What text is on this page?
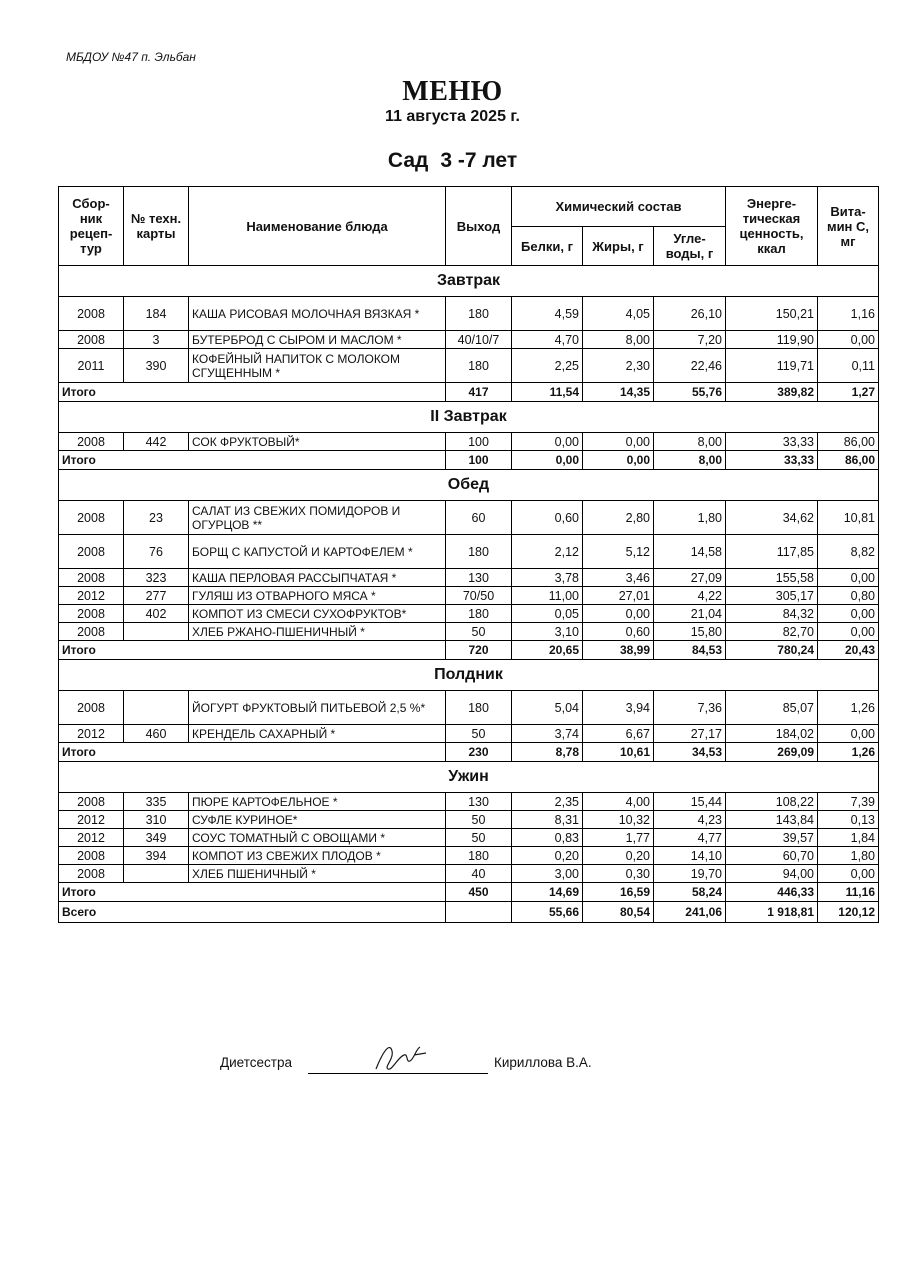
МБДОУ №47 п. Эльбан
МЕНЮ
11 августа 2025 г.
Сад 3 -7 лет
Сбор-ник рецеп-тур	№ техн. карты	Наименование блюда	Выход	Химический состав			Энерге-тическая ценность, ккал	Вита-мин С, мг
				Белки, г	Жиры, г	Угле-воды, г		
Завтрак								
2008	184	КАША РИСОВАЯ МОЛОЧНАЯ ВЯЗКАЯ *	180	4,59	4,05	26,10	150,21	1,16
2008	3	БУТЕРБРОД С СЫРОМ И МАСЛОМ *	40/10/7	4,70	8,00	7,20	119,90	0,00
2011	390	КОФЕЙНЫЙ НАПИТОК С МОЛОКОМ СГУЩЕННЫМ *	180	2,25	2,30	22,46	119,71	0,11
Итого			417	11,54	14,35	55,76	389,82	1,27
II Завтрак								
2008	442	СОК ФРУКТОВЫЙ*	100	0,00	0,00	8,00	33,33	86,00
Итого			100	0,00	0,00	8,00	33,33	86,00
Обед								
2008	23	САЛАТ ИЗ СВЕЖИХ ПОМИДОРОВ И ОГУРЦОВ **	60	0,60	2,80	1,80	34,62	10,81
2008	76	БОРЩ С КАПУСТОЙ И КАРТОФЕЛЕМ *	180	2,12	5,12	14,58	117,85	8,82
2008	323	КАША ПЕРЛОВАЯ РАССЫПЧАТАЯ *	130	3,78	3,46	27,09	155,58	0,00
2012	277	ГУЛЯШ ИЗ ОТВАРНОГО МЯСА *	70/50	11,00	27,01	4,22	305,17	0,80
2008	402	КОМПОТ ИЗ СМЕСИ СУХОФРУКТОВ*	180	0,05	0,00	21,04	84,32	0,00
2008		ХЛЕБ РЖАНО-ПШЕНИЧНЫЙ *	50	3,10	0,60	15,80	82,70	0,00
Итого			720	20,65	38,99	84,53	780,24	20,43
Полдник								
2008		ЙОГУРТ ФРУКТОВЫЙ ПИТЬЕВОЙ 2,5 %*	180	5,04	3,94	7,36	85,07	1,26
2012	460	КРЕНДЕЛЬ САХАРНЫЙ *	50	3,74	6,67	27,17	184,02	0,00
Итого			230	8,78	10,61	34,53	269,09	1,26
Ужин								
2008	335	ПЮРЕ КАРТОФЕЛЬНОЕ *	130	2,35	4,00	15,44	108,22	7,39
2012	310	СУФЛЕ КУРИНОЕ*	50	8,31	10,32	4,23	143,84	0,13
2012	349	СОУС ТОМАТНЫЙ С ОВОЩАМИ *	50	0,83	1,77	4,77	39,57	1,84
2008	394	КОМПОТ ИЗ СВЕЖИХ ПЛОДОВ *	180	0,20	0,20	14,10	60,70	1,80
2008		ХЛЕБ ПШЕНИЧНЫЙ *	40	3,00	0,30	19,70	94,00	0,00
Итого			450	14,69	16,59	58,24	446,33	11,16
Всего				55,66	80,54	241,06	1 918,81	120,12
Диетсестра	Кириллова В.А.
